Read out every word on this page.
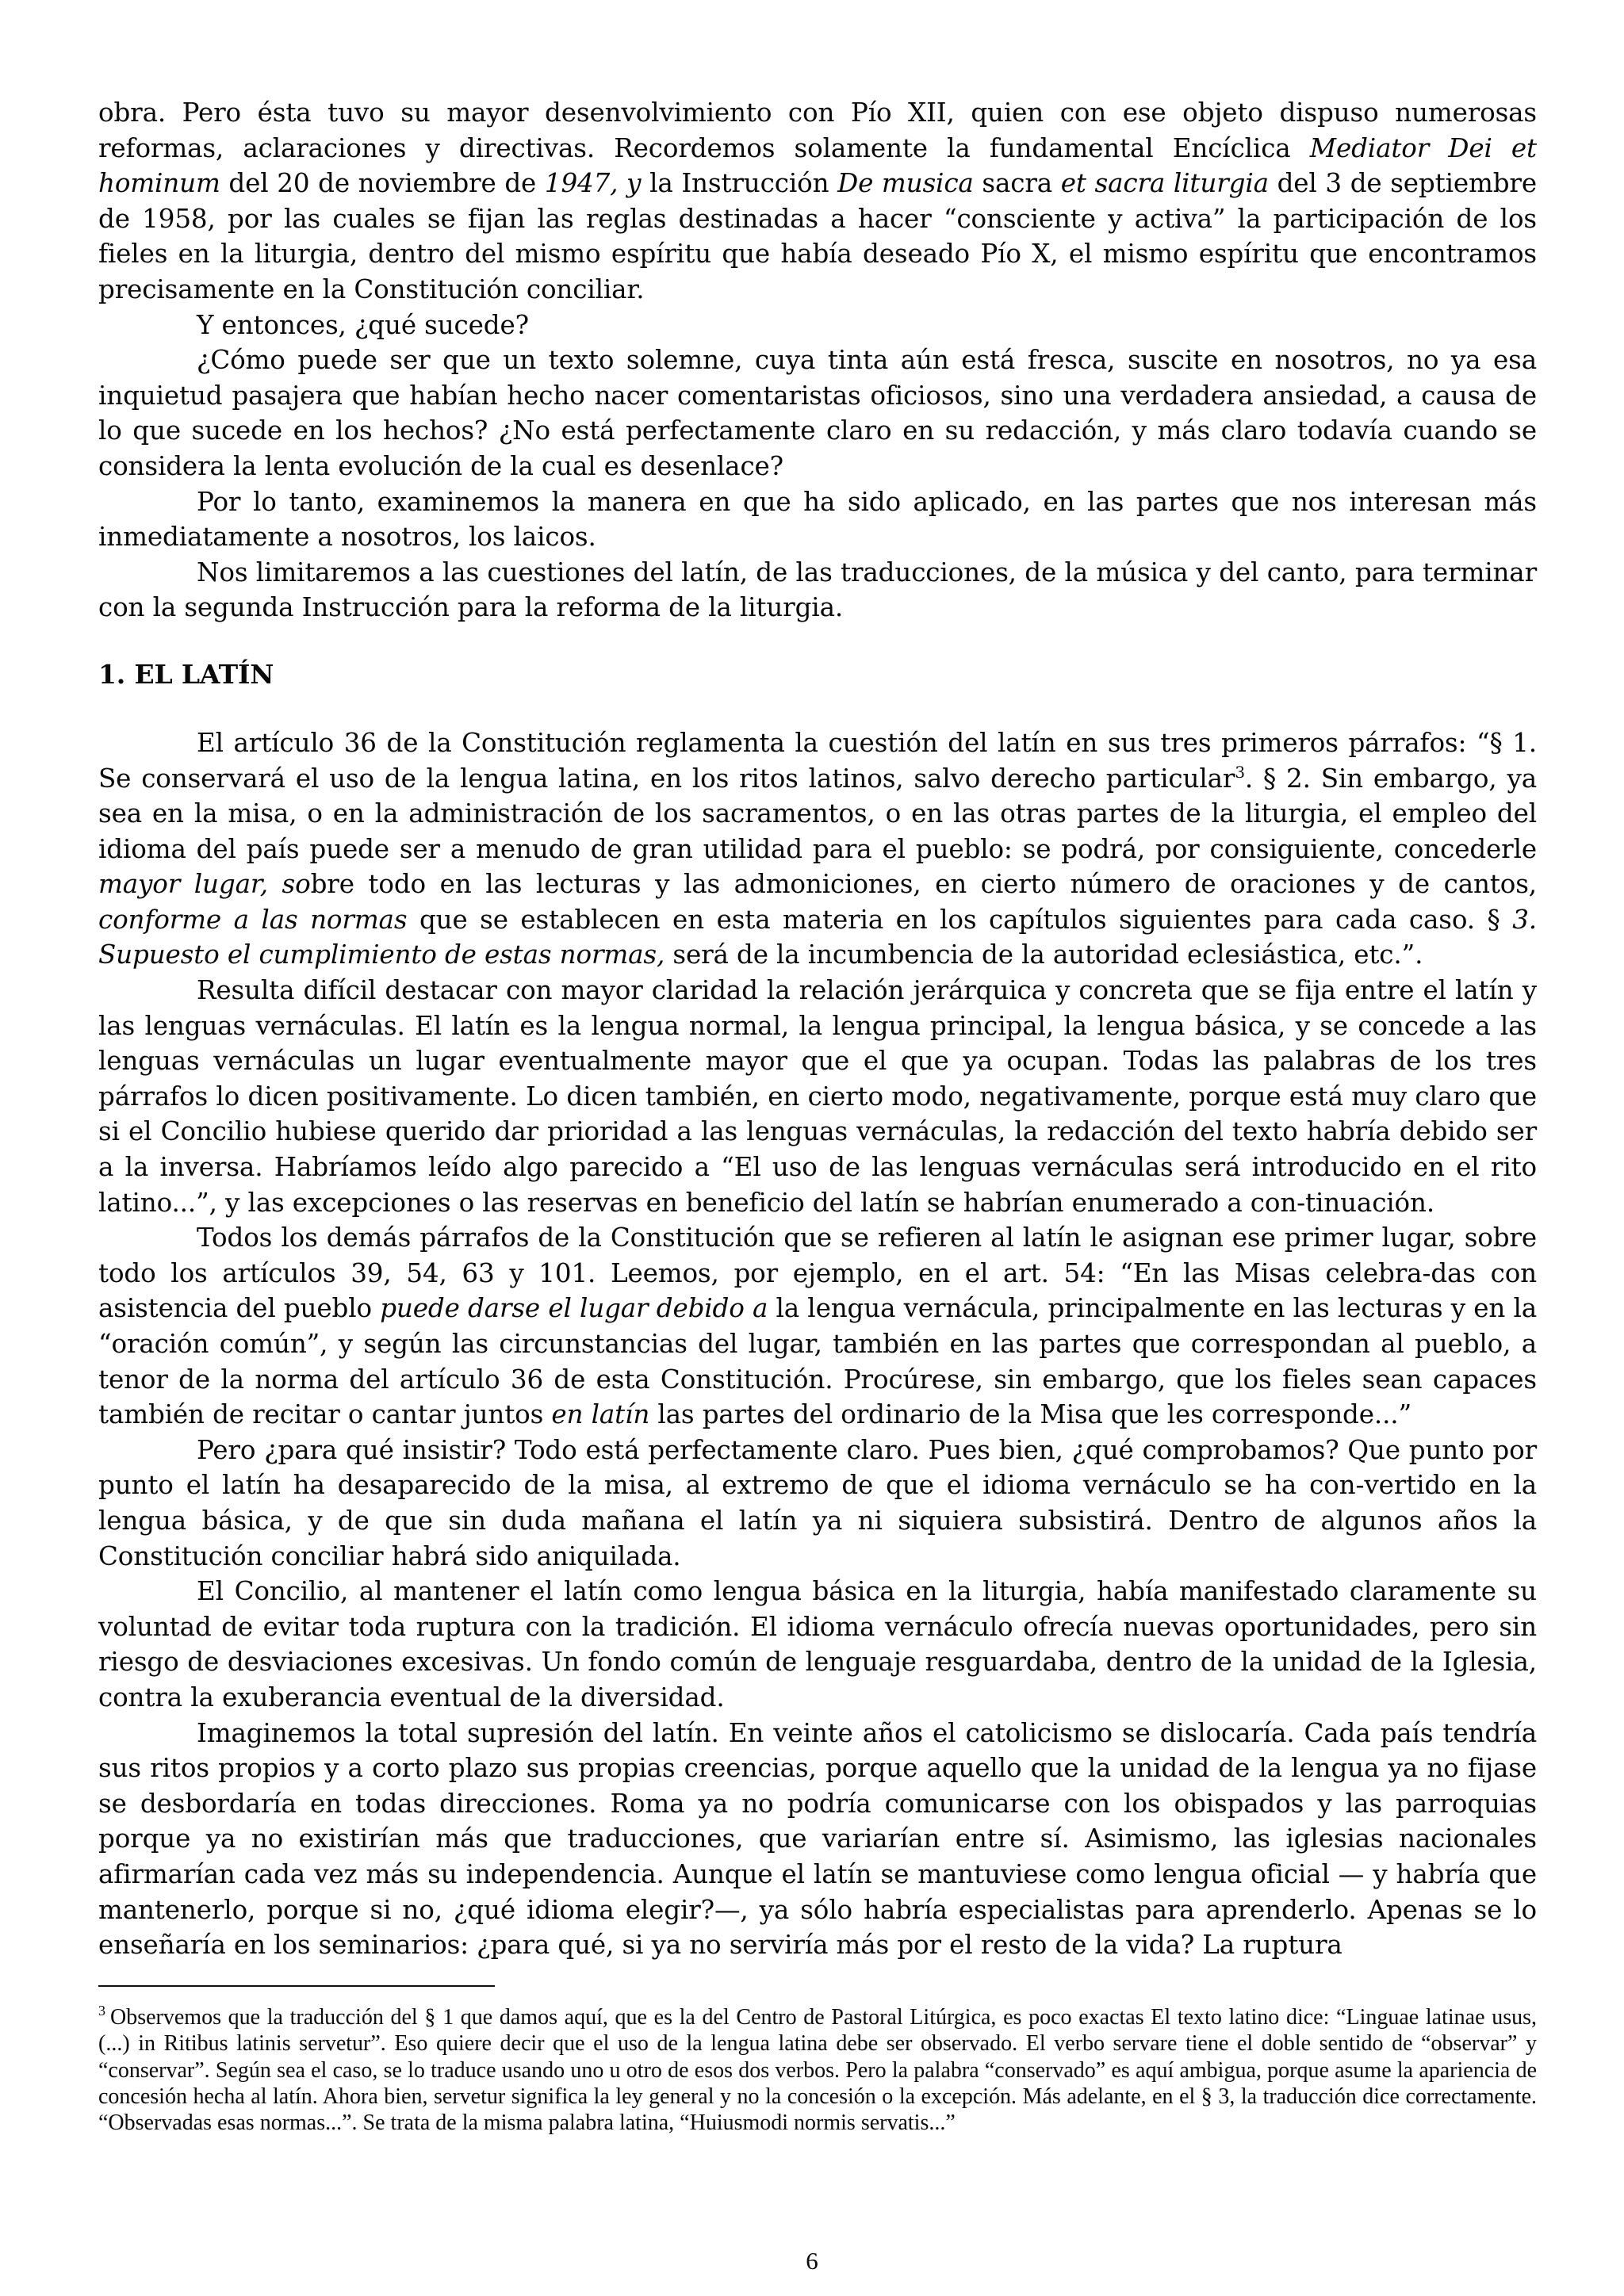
obra. Pero ésta tuvo su mayor desenvolvimiento con Pío XII, quien con ese objeto dispuso numerosas reformas, aclaraciones y directivas. Recordemos solamente la fundamental Encíclica Mediator Dei et hominum del 20 de noviembre de 1947, y la Instrucción De musica sacra et sacra liturgia del 3 de septiembre de 1958, por las cuales se fijan las reglas destinadas a hacer “consciente y activa” la participación de los fieles en la liturgia, dentro del mismo espíritu que había deseado Pío X, el mismo espíritu que encontramos precisamente en la Constitución conciliar.

Y entonces, ¿qué sucede?

¿Cómo puede ser que un texto solemne, cuya tinta aún está fresca, suscite en nosotros, no ya esa inquietud pasajera que habían hecho nacer comentaristas oficiosos, sino una verdadera ansiedad, a causa de lo que sucede en los hechos? ¿No está perfectamente claro en su redacción, y más claro todavía cuando se considera la lenta evolución de la cual es desenlace?

Por lo tanto, examinemos la manera en que ha sido aplicado, en las partes que nos interesan más inmediatamente a nosotros, los laicos.

Nos limitaremos a las cuestiones del latín, de las traducciones, de la música y del canto, para terminar con la segunda Instrucción para la reforma de la liturgia.

1. EL LATÍN

El artículo 36 de la Constitución reglamenta la cuestión del latín en sus tres primeros párrafos: “§ 1. Se conservará el uso de la lengua latina, en los ritos latinos, salvo derecho particular$^3$. § 2. Sin embargo, ya sea en la misa, o en la administración de los sacramentos, o en las otras partes de la liturgia, el empleo del idioma del país puede ser a menudo de gran utilidad para el pueblo: se podrá, por consiguiente, concederle mayor lugar, sobre todo en las lecturas y las admoniciones, en cierto número de oraciones y de cantos, conforme a las normas que se establecen en esta materia en los capítulos siguientes para cada caso. § 3. Supuesto el cumplimiento de estas normas, será de la incumbencia de la autoridad eclesiástica, etc.”.

Resulta difícil destacar con mayor claridad la relación jerárquica y concreta que se fija entre el latín y las lenguas vernáculas. El latín es la lengua normal, la lengua principal, la lengua básica, y se concede a las lenguas vernáculas un lugar eventualmente mayor que el que ya ocupan. Todas las palabras de los tres párrafos lo dicen positivamente. Lo dicen también, en cierto modo, negativamente, porque está muy claro que si el Concilio hubiese querido dar prioridad a las lenguas vernáculas, la redacción del texto habría debido ser a la inversa. Habríamos leído algo parecido a “El uso de las lenguas vernáculas será introducido en el rito latino...”, y las excepciones o las reservas en beneficio del latín se habrían enumerado a con-tinuación.

Todos los demás párrafos de la Constitución que se refieren al latín le asignan ese primer lugar, sobre todo los artículos 39, 54, 63 y 101. Leemos, por ejemplo, en el art. 54: “En las Misas celebra-das con asistencia del pueblo puede darse el lugar debido a la lengua vernácula, principalmente en las lecturas y en la “oración común”, y según las circunstancias del lugar, también en las partes que correspondan al pueblo, a tenor de la norma del artículo 36 de esta Constitución. Procúrese, sin embargo, que los fieles sean capaces también de recitar o cantar juntos en latín las partes del ordinario de la Misa que les corresponde...”

Pero ¿para qué insistir? Todo está perfectamente claro. Pues bien, ¿qué comprobamos? Que punto por punto el latín ha desaparecido de la misa, al extremo de que el idioma vernáculo se ha con-vertido en la lengua básica, y de que sin duda mañana el latín ya ni siquiera subsistirá. Dentro de algunos años la Constitución conciliar habrá sido aniquilada.

El Concilio, al mantener el latín como lengua básica en la liturgia, había manifestado claramente su voluntad de evitar toda ruptura con la tradición. El idioma vernáculo ofrecía nuevas oportunidades, pero sin riesgo de desviaciones excesivas. Un fondo común de lenguaje resguardaba, dentro de la unidad de la Iglesia, contra la exuberancia eventual de la diversidad.

Imaginemos la total supresión del latín. En veinte años el catolicismo se dislocaría. Cada país tendría sus ritos propios y a corto plazo sus propias creencias, porque aquello que la unidad de la lengua ya no fijase se desbordaría en todas direcciones. Roma ya no podría comunicarse con los obispados y las parroquias porque ya no existirían más que traducciones, que variarían entre sí. Asimismo, las iglesias nacionales afirmarían cada vez más su independencia. Aunque el latín se mantuviese como lengua oficial — y habría que mantenerlo, porque si no, ¿qué idioma elegir?—, ya sólo habría especialistas para aprenderlo. Apenas se lo enseñaría en los seminarios: ¿para qué, si ya no serviría más por el resto de la vida? La ruptura

$^3$ Observemos que la traducción del § 1 que damos aquí, que es la del Centro de Pastoral Litúrgica, es poco exactas El texto latino dice: “Linguae latinae usus, (...) in Ritibus latinis servetur”. Eso quiere decir que el uso de la lengua latina debe ser observado. El verbo servare tiene el doble sentido de “observar” y “conservar”. Según sea el caso, se lo traduce usando uno u otro de esos dos verbos. Pero la palabra “conservado” es aquí ambigua, porque asume la apariencia de concesión hecha al latín. Ahora bien, servetur significa la ley general y no la concesión o la excepción. Más adelante, en el § 3, la traducción dice correctamente. “Observadas esas normas...”. Se trata de la misma palabra latina, “Huiusmodi normis servatis...”
6
